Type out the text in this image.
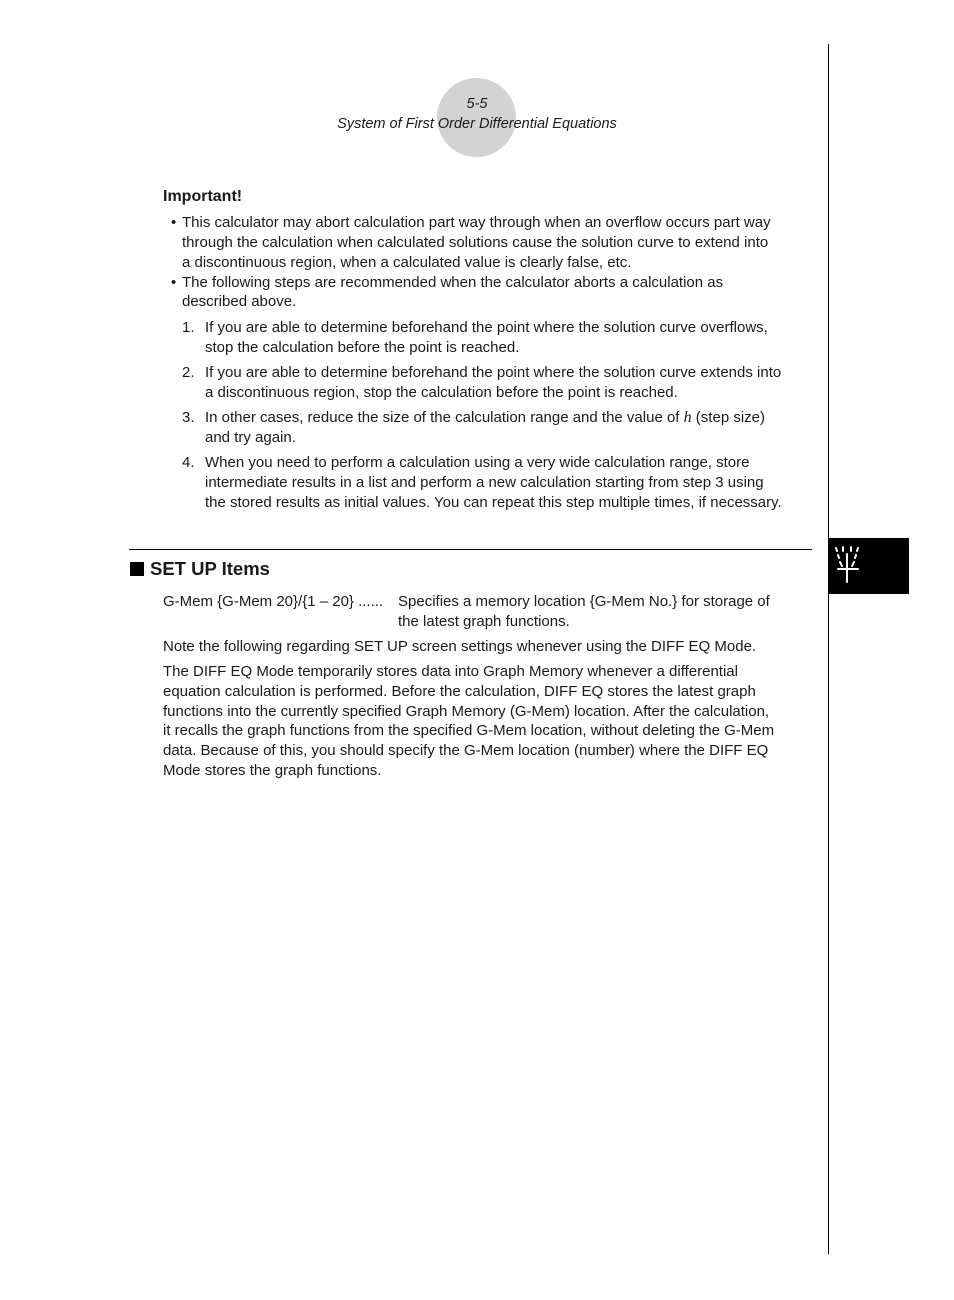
5-5
System of First Order Differential Equations
Important!
• This calculator may abort calculation part way through when an overflow occurs part way
through the calculation when calculated solutions cause the solution curve to extend into
a discontinuous region, when a calculated value is clearly false, etc.
• The following steps are recommended when the calculator aborts a calculation as
described above.
1. If you are able to determine beforehand the point where the solution curve overflows,
stop the calculation before the point is reached.
2. If you are able to determine beforehand the point where the solution curve extends into
a discontinuous region, stop the calculation before the point is reached.
3. In other cases, reduce the size of the calculation range and the value of h (step size)
and try again.
4. When you need to perform a calculation using a very wide calculation range, store
intermediate results in a list and perform a new calculation starting from step 3 using
the stored results as initial values. You can repeat this step multiple times, if necessary.
SET UP Items
G-Mem {G-Mem 20}/{1 – 20} ...... Specifies a memory location {G-Mem No.} for storage of
the latest graph functions.
Note the following regarding SET UP screen settings whenever using the DIFF EQ Mode.
The DIFF EQ Mode temporarily stores data into Graph Memory whenever a differential
equation calculation is performed. Before the calculation, DIFF EQ stores the latest graph
functions into the currently specified Graph Memory (G-Mem) location. After the calculation,
it recalls the graph functions from the specified G-Mem location, without deleting the G-Mem
data. Because of this, you should specify the G-Mem location (number) where the DIFF EQ
Mode stores the graph functions.
